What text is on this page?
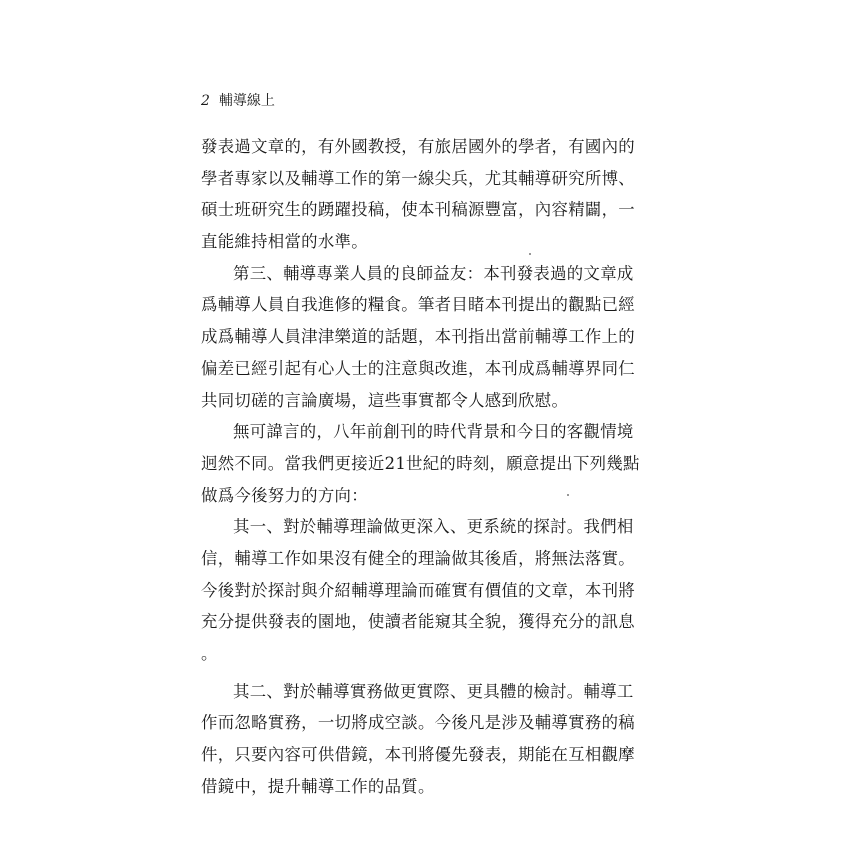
2 輔導線上
發表過文章的，有外國教授，有旅居國外的學者，有國內的
學者專家以及輔導工作的第一線尖兵，尤其輔導研究所博、
碩士班研究生的踴躍投稿，使本刊稿源豐富，內容精闢，一
直能維持相當的水準。
第三、輔導專業人員的良師益友：本刊發表過的文章成
爲輔導人員自我進修的糧食。筆者目睹本刊提出的觀點已經
成爲輔導人員津津樂道的話題，本刊指出當前輔導工作上的
偏差已經引起有心人士的注意與改進，本刊成爲輔導界同仁
共同切磋的言論廣場，這些事實都令人感到欣慰。
無可諱言的，八年前創刊的時代背景和今日的客觀情境
迥然不同。當我們更接近21世紀的時刻，願意提出下列幾點
做爲今後努力的方向：
其一、對於輔導理論做更深入、更系統的探討。我們相
信，輔導工作如果沒有健全的理論做其後盾，將無法落實。
今後對於探討與介紹輔導理論而確實有價值的文章，本刊將
充分提供發表的園地，使讀者能窺其全貌，獲得充分的訊息
。
其二、對於輔導實務做更實際、更具體的檢討。輔導工
作而忽略實務，一切將成空談。今後凡是涉及輔導實務的稿
件，只要內容可供借鏡，本刊將優先發表，期能在互相觀摩
借鏡中，提升輔導工作的品質。
